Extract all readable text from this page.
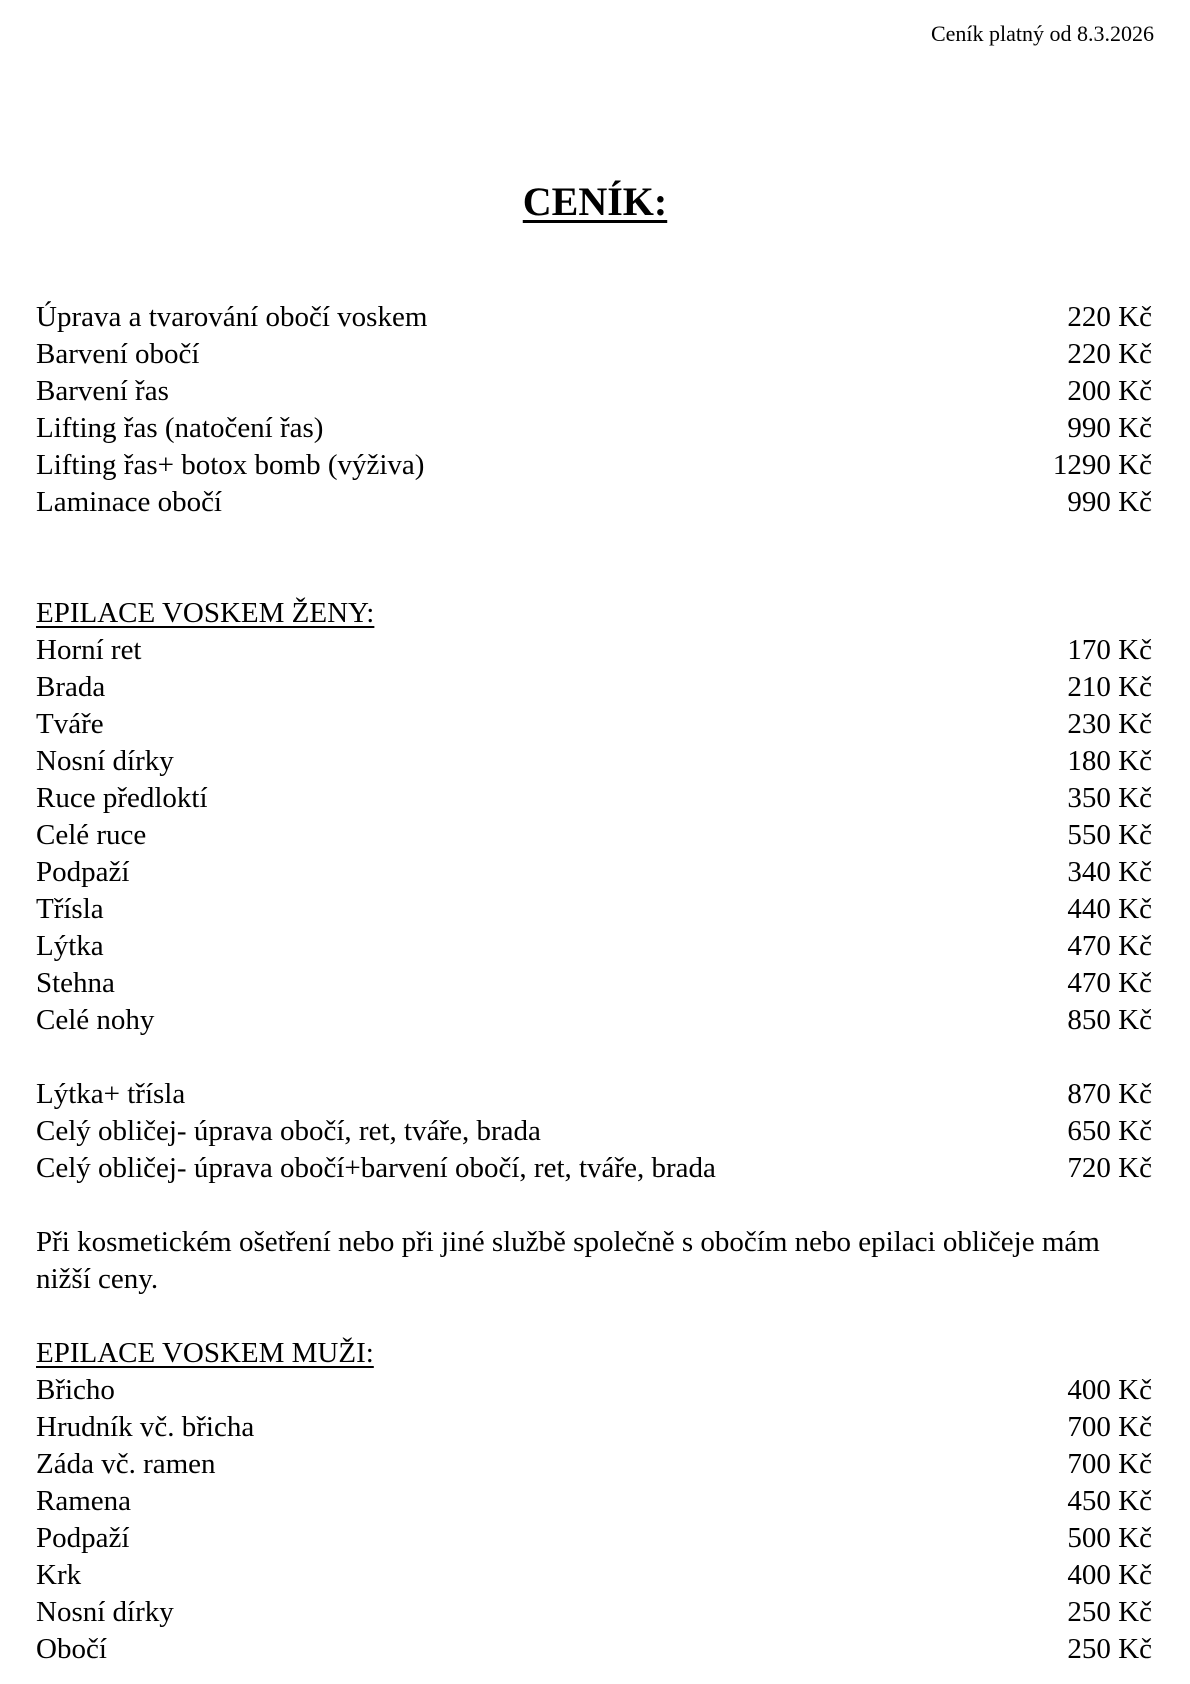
Ceník platný od 8.3.2026
CENÍK:
Úprava a tvarování obočí voskem	220 Kč
Barvení obočí	220 Kč
Barvení řas	200 Kč
Lifting řas (natočení řas)	990 Kč
Lifting řas+ botox bomb (výživa)	1290 Kč
Laminace obočí	990 Kč
EPILACE VOSKEM ŽENY:
Horní ret	170 Kč
Brada	210 Kč
Tváře	230 Kč
Nosní dírky	180 Kč
Ruce předloktí	350 Kč
Celé ruce	550 Kč
Podpaží	340 Kč
Třísla	440 Kč
Lýtka	470 Kč
Stehna	470 Kč
Celé nohy	850 Kč
Lýtka+ třísla	870 Kč
Celý obličej- úprava obočí, ret, tváře, brada	650 Kč
Celý obličej- úprava obočí+barvení obočí, ret, tváře, brada	720 Kč
Při kosmetickém ošetření nebo při jiné službě společně s obočím nebo epilaci obličeje mám nižší ceny.
EPILACE VOSKEM MUŽI:
Břicho	400 Kč
Hrudník vč. břicha	700 Kč
Záda vč. ramen	700 Kč
Ramena	450 Kč
Podpaží	500 Kč
Krk	400 Kč
Nosní dírky	250 Kč
Obočí	250 Kč
